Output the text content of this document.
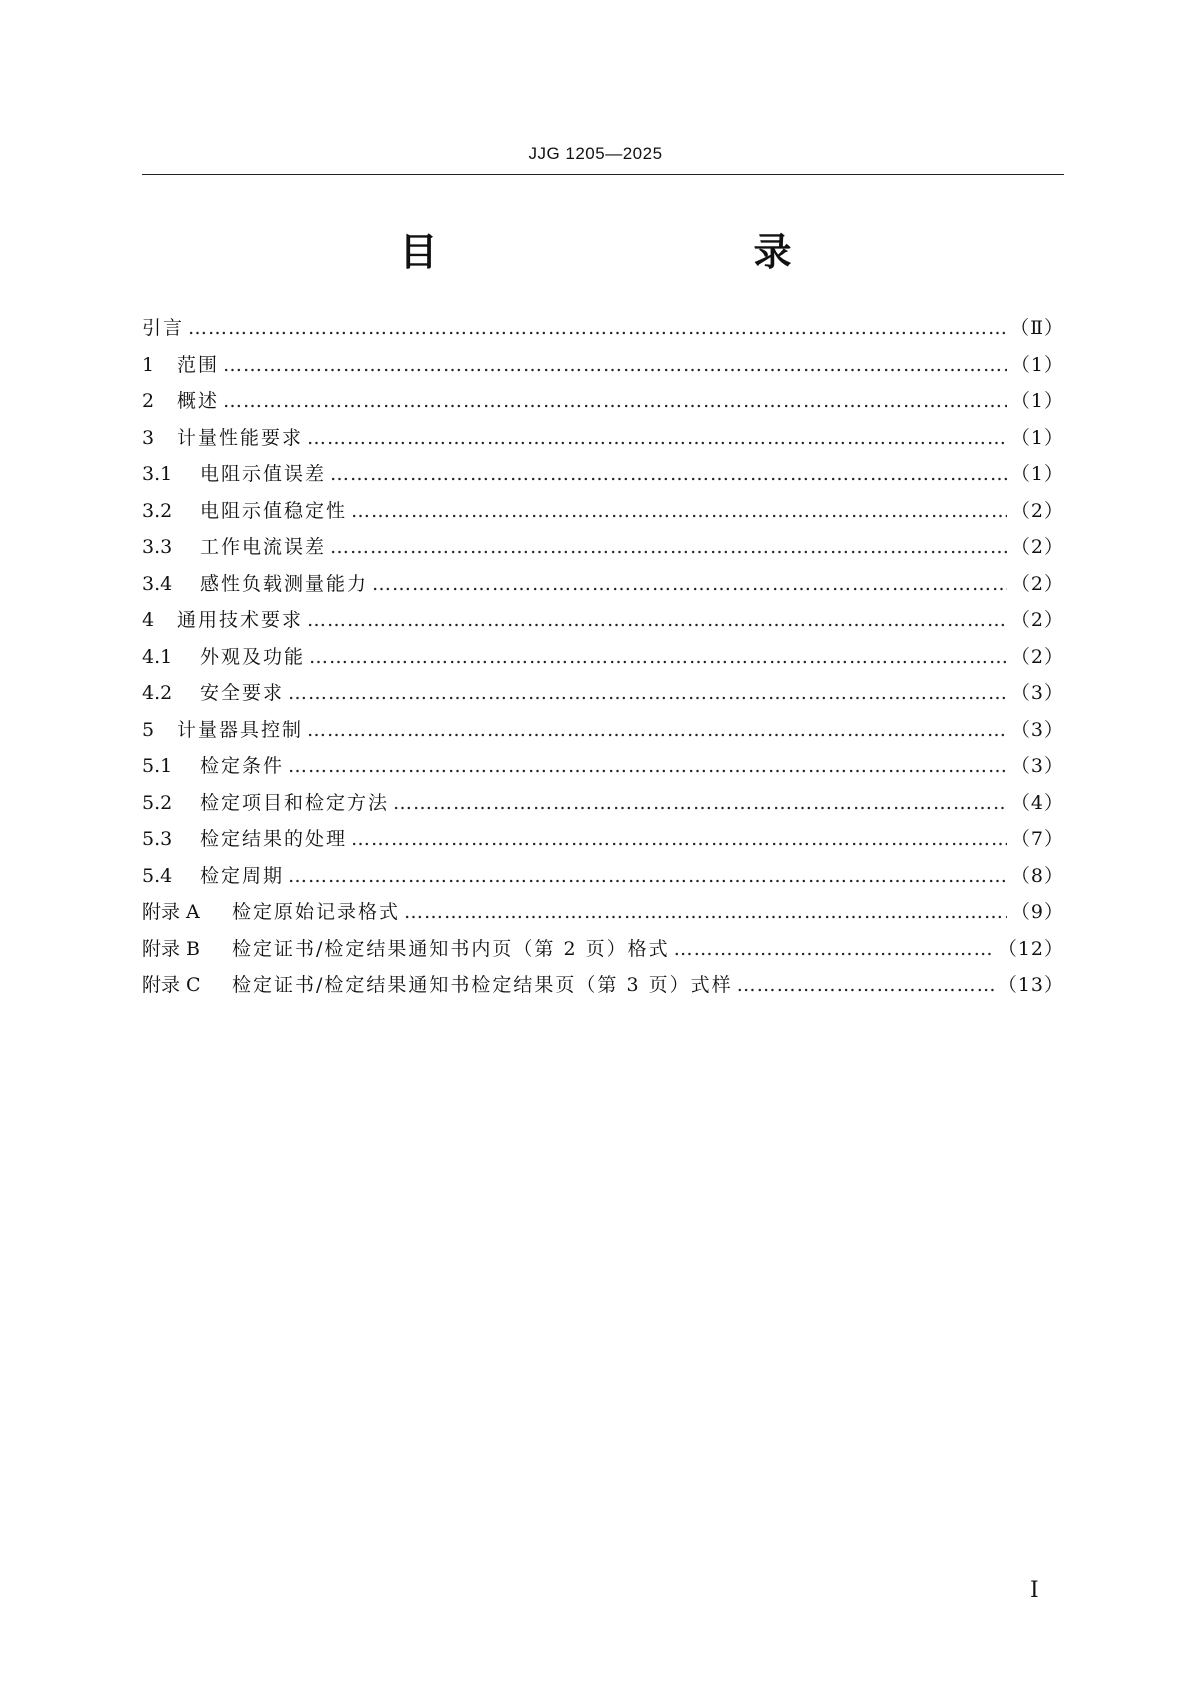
JJG 1205—2025
目　　录
引言 …………………………………………………………………………………………………………………………………………………………………………………………………………………	（Ⅱ）
1	范围 …………………………………………………………………………………………………………………………………………………………………………………………………………………	（1）
2	概述 …………………………………………………………………………………………………………………………………………………………………………………………………………………	（1）
3	计量性能要求 …………………………………………………………………………………………………………………………………………………………………………………………………………………	（1）
3.1	电阻示值误差 …………………………………………………………………………………………………………………………………………………………………………………………………………………	（1）
3.2	电阻示值稳定性 …………………………………………………………………………………………………………………………………………………………………………………………………………………	（2）
3.3	工作电流误差 …………………………………………………………………………………………………………………………………………………………………………………………………………………	（2）
3.4	感性负载测量能力 …………………………………………………………………………………………………………………………………………………………………………………………………………………	（2）
4	通用技术要求 …………………………………………………………………………………………………………………………………………………………………………………………………………………	（2）
4.1	外观及功能 …………………………………………………………………………………………………………………………………………………………………………………………………………………	（2）
4.2	安全要求 …………………………………………………………………………………………………………………………………………………………………………………………………………………	（3）
5	计量器具控制 …………………………………………………………………………………………………………………………………………………………………………………………………………………	（3）
5.1	检定条件 …………………………………………………………………………………………………………………………………………………………………………………………………………………	（3）
5.2	检定项目和检定方法 …………………………………………………………………………………………………………………………………………………………………………………………………………………	（4）
5.3	检定结果的处理 …………………………………………………………………………………………………………………………………………………………………………………………………………………	（7）
5.4	检定周期 …………………………………………………………………………………………………………………………………………………………………………………………………………………	（8）
附录 A	检定原始记录格式 …………………………………………………………………………………………………………………………………………………………………………………………………………………	（9）
附录 B	检定证书/检定结果通知书内页（第 2 页）格式 …………………………………………………………………………………………………………………………………………………………………………………………………………………	（12）
附录 C	检定证书/检定结果通知书检定结果页（第 3 页）式样 …………………………………………………………………………………………………………………………………………………………………………………………………………………	（13）
Ⅰ
